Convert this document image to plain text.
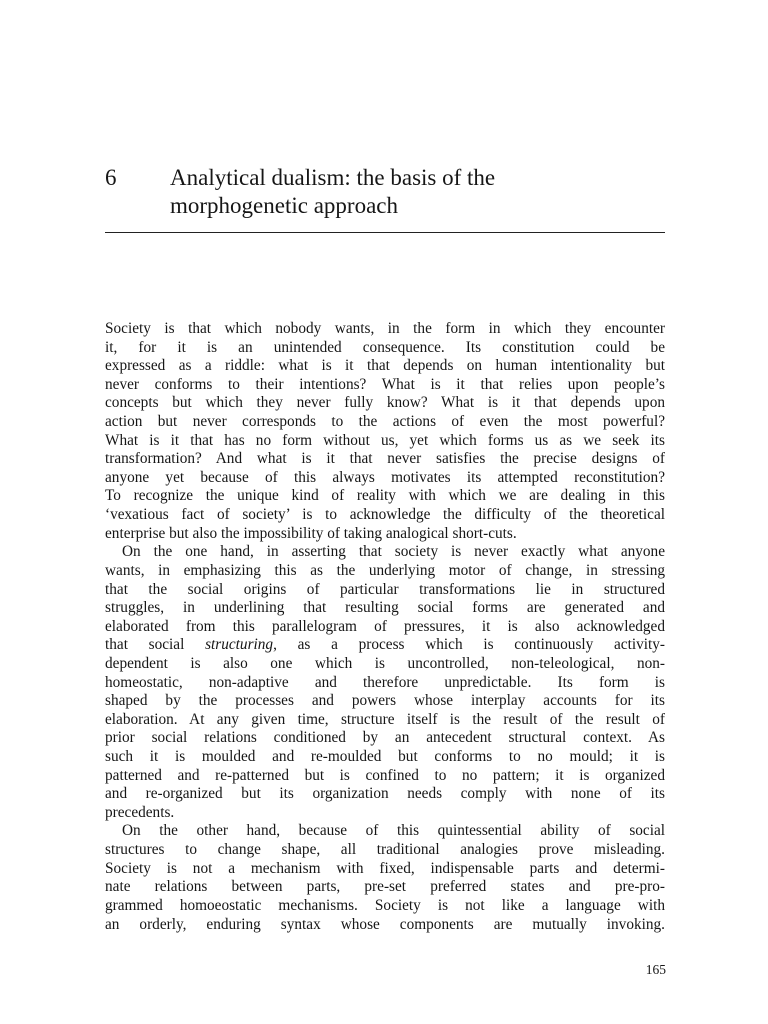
6 Analytical dualism: the basis of the
morphogenetic approach
Society is that which nobody wants, in the form in which they encounter
it, for it is an unintended consequence. Its constitution could be
expressed as a riddle: what is it that depends on human intentionality but
never conforms to their intentions? What is it that relies upon people’s
concepts but which they never fully know? What is it that depends upon
action but never corresponds to the actions of even the most powerful?
What is it that has no form without us, yet which forms us as we seek its
transformation? And what is it that never satisfies the precise designs of
anyone yet because of this always motivates its attempted reconstitution?
To recognize the unique kind of reality with which we are dealing in this
‘vexatious fact of society’ is to acknowledge the difficulty of the theoretical
enterprise but also the impossibility of taking analogical short-cuts.
On the one hand, in asserting that society is never exactly what anyone
wants, in emphasizing this as the underlying motor of change, in stressing
that the social origins of particular transformations lie in structured
struggles, in underlining that resulting social forms are generated and
elaborated from this parallelogram of pressures, it is also acknowledged
that social structuring, as a process which is continuously activity-
dependent is also one which is uncontrolled, non-teleological, non-
homeostatic, non-adaptive and therefore unpredictable. Its form is
shaped by the processes and powers whose interplay accounts for its
elaboration. At any given time, structure itself is the result of the result of
prior social relations conditioned by an antecedent structural context. As
such it is moulded and re-moulded but conforms to no mould; it is
patterned and re-patterned but is confined to no pattern; it is organized
and re-organized but its organization needs comply with none of its
precedents.
On the other hand, because of this quintessential ability of social
structures to change shape, all traditional analogies prove misleading.
Society is not a mechanism with fixed, indispensable parts and determi-
nate relations between parts, pre-set preferred states and pre-pro-
grammed homoeostatic mechanisms. Society is not like a language with
an orderly, enduring syntax whose components are mutually invoking.
165
